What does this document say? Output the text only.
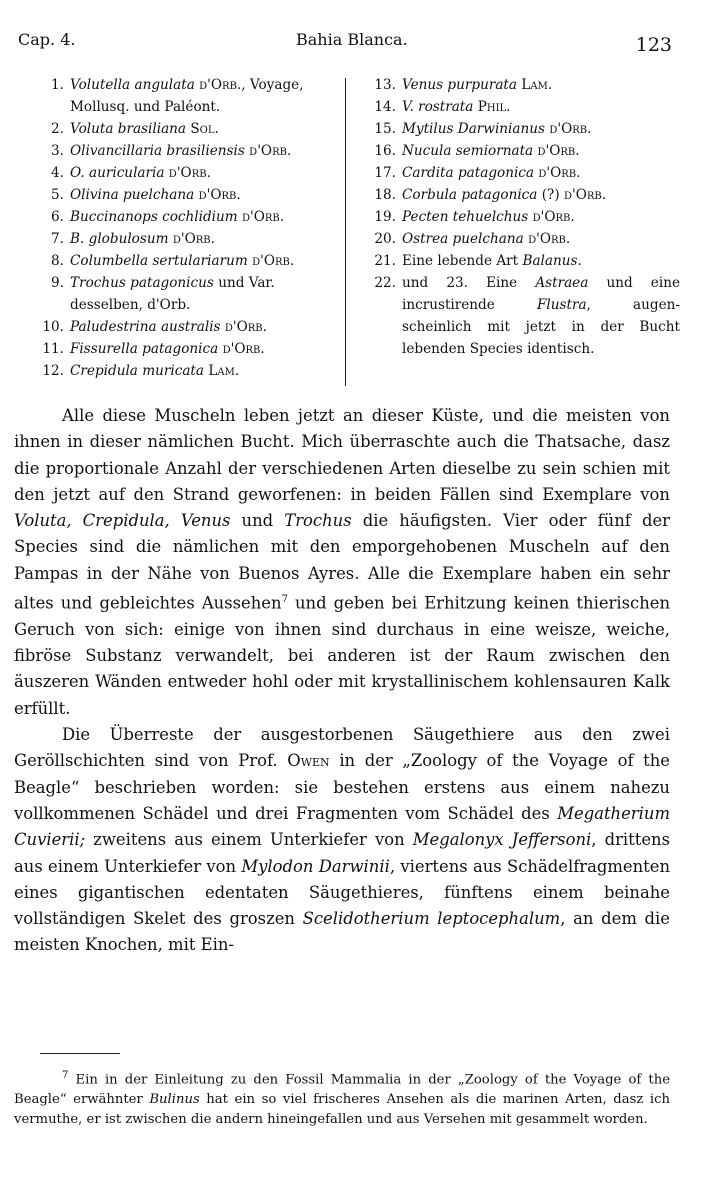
Cap. 4.	Bahia Blanca.	123
1. Volutella angulata d'Orb., Voyage,
Mollusq. und Paléont.
2. Voluta brasiliana Sol.
3. Olivancillaria brasiliensis d'Orb.
4. O. auricularia d'Orb.
5. Olivina puelchana d'Orb.
6. Buccinanops cochlidium d'Orb.
7. B. globulosum d'Orb.
8. Columbella sertulariarum d'Orb.
9. Trochus patagonicus und Var.
desselben, d'Orb.
10. Paludestrina australis d'Orb.
11. Fissurella patagonica d'Orb.
12. Crepidula muricata Lam.
13. Venus purpurata Lam.
14. V. rostrata Phil.
15. Mytilus Darwinianus d'Orb.
16. Nucula semiornata d'Orb.
17. Cardita patagonica d'Orb.
18. Corbula patagonica (?) d'Orb.
19. Pecten tehuelchus d'Orb.
20. Ostrea puelchana d'Orb.
21. Eine lebende Art Balanus.
22. und 23. Eine Astraea und eine
incrustirende Flustra, augen-
scheinlich mit jetzt in der Bucht
lebenden Species identisch.

Alle diese Muscheln leben jetzt an dieser Küste, und die meisten von ihnen in dieser nämlichen Bucht. Mich überraschte auch die Thatsache, dasz die proportionale Anzahl der verschiedenen Arten dieselbe zu sein schien mit den jetzt auf den Strand geworfenen: in beiden Fällen sind Exemplare von Voluta, Crepidula, Venus und Trochus die häufigsten. Vier oder fünf der Species sind die nämlichen mit den emporgehobenen Muscheln auf den Pampas in der Nähe von Buenos Ayres. Alle die Exemplare haben ein sehr altes und gebleichtes Aussehen$^7$ und geben bei Erhitzung keinen thierischen Geruch von sich: einige von ihnen sind durchaus in eine weisze, weiche, fibröse Substanz verwandelt, bei anderen ist der Raum zwischen den äuszeren Wänden entweder hohl oder mit krystallinischem kohlensauren Kalk erfüllt.

Die Überreste der ausgestorbenen Säugethiere aus den zwei Geröllschichten sind von Prof. Owen in der „Zoology of the Voyage of the Beagle“ beschrieben worden: sie bestehen erstens aus einem nahezu vollkommenen Schädel und drei Fragmenten vom Schädel des Megatherium Cuvierii; zweitens aus einem Unterkiefer von Megalonyx Jeffersoni, drittens aus einem Unterkiefer von Mylodon Darwinii, viertens aus Schädelfragmenten eines gigantischen edentaten Säugethieres, fünftens einem beinahe vollständigen Skelet des groszen Scelidotherium leptocephalum, an dem die meisten Knochen, mit Ein-

$^7$ Ein in der Einleitung zu den Fossil Mammalia in der „Zoology of the Voyage of the Beagle“ erwähnter Bulinus hat ein so viel frischeres Ansehen als die marinen Arten, dasz ich vermuthe, er ist zwischen die andern hineingefallen und aus Versehen mit gesammelt worden.
